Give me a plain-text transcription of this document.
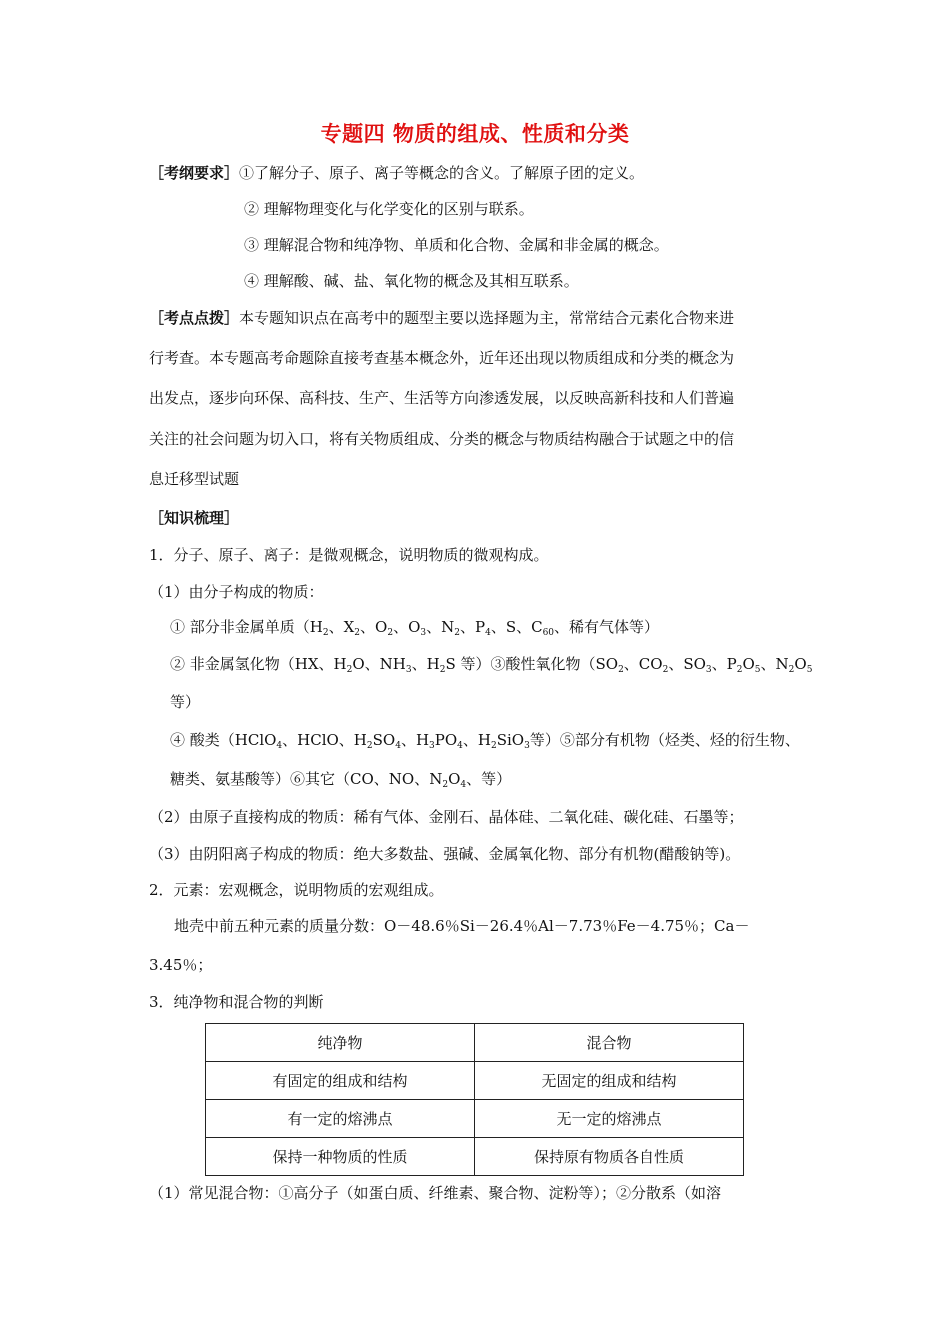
专题四 物质的组成、性质和分类
［考纲要求］①了解分子、原子、离子等概念的含义。了解原子团的定义。
② 理解物理变化与化学变化的区别与联系。
③ 理解混合物和纯净物、单质和化合物、金属和非金属的概念。
④ 理解酸、碱、盐、氧化物的概念及其相互联系。
［考点点拨］本专题知识点在高考中的题型主要以选择题为主，常常结合元素化合物来进
行考查。本专题高考命题除直接考查基本概念外，近年还出现以物质组成和分类的概念为
出发点，逐步向环保、高科技、生产、生活等方向渗透发展，以反映高新科技和人们普遍
关注的社会问题为切入口，将有关物质组成、分类的概念与物质结构融合于试题之中的信
息迁移型试题
［知识梳理］
1．分子、原子、离子：是微观概念，说明物质的微观构成。
（1）由分子构成的物质：
① 部分非金属单质（$H_2$、$X_2$、$O_2$、$O_3$、$N_2$、$P_4$、S、$C_{60}$、稀有气体等）
② 非金属氢化物（HX、$H_2O$、$NH_3$、$H_2S$ 等）③酸性氧化物（$SO_2$、$CO_2$、$SO_3$、$P_2O_5$、$N_2O_5$
等）
④ 酸类（HClO$_4$、HClO、$H_2SO_4$、$H_3PO_4$、$H_2SiO_3$等）⑤部分有机物（烃类、烃的衍生物、
糖类、氨基酸等）⑥其它（CO、NO、$N_2O_4$、等）
（2）由原子直接构成的物质：稀有气体、金刚石、晶体硅、二氧化硅、碳化硅、石墨等；
（3）由阴阳离子构成的物质：绝大多数盐、强碱、金属氧化物、部分有机物(醋酸钠等)。
2．元素：宏观概念，说明物质的宏观组成。
地壳中前五种元素的质量分数：O－48.6％Si－26.4％Al－7.73％Fe－4.75％；Ca－
3.45％；
3．纯净物和混合物的判断
纯净物	混合物
有固定的组成和结构	无固定的组成和结构
有一定的熔沸点	无一定的熔沸点
保持一种物质的性质	保持原有物质各自性质
（1）常见混合物：①高分子（如蛋白质、纤维素、聚合物、淀粉等）；②分散系（如溶
